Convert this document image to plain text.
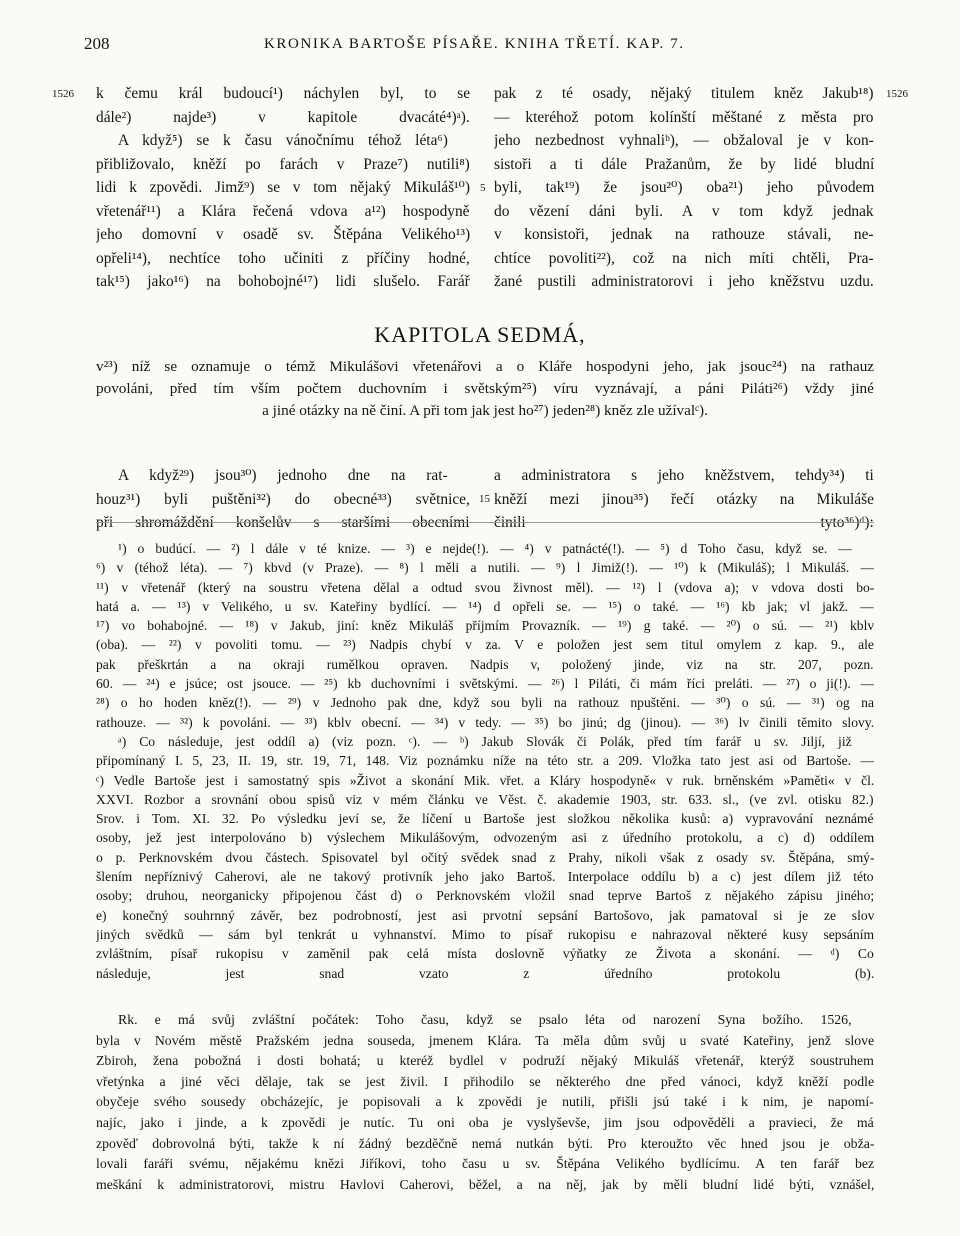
208	KRONIKA BARTOŠE PÍSAŘE. KNIHA TŘETÍ. KAP. 7.
1526	1526
5
15
k čemu král budoucí¹) náchylen byl, to se
dále²) najde³) v kapitole dvacáté⁴)ᵃ).
A když⁵) se k času vánočnímu téhož léta⁶)
přibližovalo, kněží po farách v Praze⁷) nutili⁸)
lidi k zpovědi. Jimž⁹) se v tom nějaký Mikuláš¹⁰)
vřetenář¹¹) a Klára řečená vdova a¹²) hospodyně
jeho domovní v osadě sv. Štěpána Velikého¹³)
opřeli¹⁴), nechtíce toho učiniti z příčiny hodné,
tak¹⁵) jako¹⁶) na bohobojné¹⁷) lidi slušelo. Farář
pak z té osady, nějaký titulem kněz Jakub¹⁸)
— kteréhož potom kolínští měštané z města pro
jeho nezbednost vyhnaliᵇ), — obžaloval je v kon-
sistoři a ti dále Pražanům, že by lidé bludní
byli, tak¹⁹) že jsou²⁰) oba²¹) jeho původem
do vězení dáni byli. A v tom když jednak
v konsistoři, jednak na rathouze stávali, ne-
chtíce povoliti²²), což na nich míti chtěli, Pra-
žané pustili administratorovi i jeho kněžstvu uzdu.
KAPITOLA SEDMÁ,
v²³) níž se oznamuje o témž Mikulášovi vřetenářovi a o Kláře hospodyni jeho, jak jsouc²⁴) na rathauz
povoláni, před tím vším počtem duchovním i světským²⁵) víru vyznávají, a páni Piláti²⁶) vždy jiné
a jiné otázky na ně činí. A při tom jak jest ho²⁷) jeden²⁸) kněz zle užívalᶜ).
A když²⁹) jsou³⁰) jednoho dne na rat-
houz³¹) byli puštěni³²) do obecné³³) světnice,
při shromáždění konšelův s staršími obecními
a administratora s jeho kněžstvem, tehdy³⁴) ti
kněží mezi jinou³⁵) řečí otázky na Mikuláše
činili tyto³⁶)ᵈ):
¹) o budúcí. — ²) l dále v té knize. — ³) e nejde(!). — ⁴) v patnácté(!). — ⁵) d Toho času, když se. —
⁶) v (téhož léta). — ⁷) kbvd (v Praze). — ⁸) l měli a nutili. — ⁹) l Jimiž(!). — ¹⁰) k (Mikuláš); l Mikuláš. —
¹¹) v vřetenář (který na soustru vřetena dělal a odtud svou živnost měl). — ¹²) l (vdova a); v vdova dosti bo-
hatá a. — ¹³) v Velikého, u sv. Kateřiny bydlící. — ¹⁴) d opřeli se. — ¹⁵) o také. — ¹⁶) kb jak; vl jakž. —
¹⁷) vo bohabojné. — ¹⁸) v Jakub, jiní: kněz Mikuláš příjmím Provazník. — ¹⁹) g také. — ²⁰) o sú. — ²¹) kblv
(oba). — ²²) v povoliti tomu. — ²³) Nadpis chybí v za. V e položen jest sem titul omylem z kap. 9., ale
pak přeškrtán a na okraji rumělkou opraven. Nadpis v, položený jinde, viz na str. 207, pozn.
60. — ²⁴) e jsúce; ost jsouce. — ²⁵) kb duchovními i světskými. — ²⁶) l Piláti, či mám říci preláti. — ²⁷) o ji(!). —
²⁸) o ho hoden kněz(!). — ²⁹) v Jednoho pak dne, když sou byli na rathouz npuštěni. — ³⁰) o sú. — ³¹) og na
rathouze. — ³²) k povoláni. — ³³) kblv obecní. — ³⁴) v tedy. — ³⁵) bo jinú; dg (jinou). — ³⁶) lv činili těmito slovy.
ᵃ) Co následuje, jest oddíl a) (viz pozn. ᶜ). — ᵇ) Jakub Slovák či Polák, před tím farář u sv. Jiljí, již
připomínaný I. 5, 23, II. 19, str. 19, 71, 148. Viz poznámku níže na této str. a 209. Vložka tato jest asi od Bartoše. —
ᶜ) Vedle Bartoše jest i samostatný spis »Život a skonání Mik. vřet. a Kláry hospodyně« v ruk. brněnském »Paměti« v čl.
XXVI. Rozbor a srovnání obou spisů viz v mém článku ve Věst. č. akademie 1903, str. 633. sl., (ve zvl. otisku 82.)
Srov. i Tom. XI. 32. Po výsledku jeví se, že líčení u Bartoše jest složkou několika kusů: a) vypravování neznámé
osoby, jež jest interpolováno b) výslechem Mikulášovým, odvozeným asi z úředního protokolu, a c) d) oddílem
o p. Perknovském dvou částech. Spisovatel byl očitý svědek snad z Prahy, nikoli však z osady sv. Štěpána, smý-
šlením nepříznivý Caherovi, ale ne takový protivník jeho jako Bartoš. Interpolace oddílu b) a c) jest dílem již této
osoby; druhou, neorganicky připojenou část d) o Perknovském vložil snad teprve Bartoš z nějakého zápisu jiného;
e) konečný souhrnný závěr, bez podrobností, jest asi prvotní sepsání Bartošovo, jak pamatoval si je ze slov
jiných svědků — sám byl tenkrát u vyhnanství. Mimo to písař rukopisu e nahrazoval některé kusy sepsáním
zvláštním, písař rukopisu v zaměnil pak celá místa doslovně výňatky ze Života a skonání. — ᵈ) Co
následuje, jest snad vzato z úředního protokolu (b).
Rk. e má svůj zvláštní počátek: Toho času, když se psalo léta od narození Syna božího. 1526,
byla v Novém městě Pražském jedna souseda, jmenem Klára. Ta měla dům svůj u svaté Kateřiny, jenž slove
Zbiroh, žena pobožná i dosti bohatá; u kteréž bydlel v podruží nějaký Mikuláš vřetenář, kterýž soustruhem
vřetýnka a jiné věci dělaje, tak se jest živil. I přihodilo se některého dne před vánoci, když kněží podle
obyčeje svého sousedy obcházejíc, je popisovali a k zpovědi je nutili, přišli jsú také i k nim, je napomí-
najíc, jako i jinde, a k zpovědi je nutíc. Tu oni oba je vyslyševše, jim jsou odpověděli a pravieci, že má
zpověď dobrovolná býti, takže k ní žádný bezděčně nemá nutkán býti. Pro kteroužto věc hned jsou je obža-
lovali faráři svému, nějakému knězi Jiříkovi, toho času u sv. Štěpána Velikého bydlícímu. A ten farář bez
meškání k administratorovi, mistru Havlovi Caherovi, běžel, a na něj, jak by měli bludní lidé býti, vznášel,
